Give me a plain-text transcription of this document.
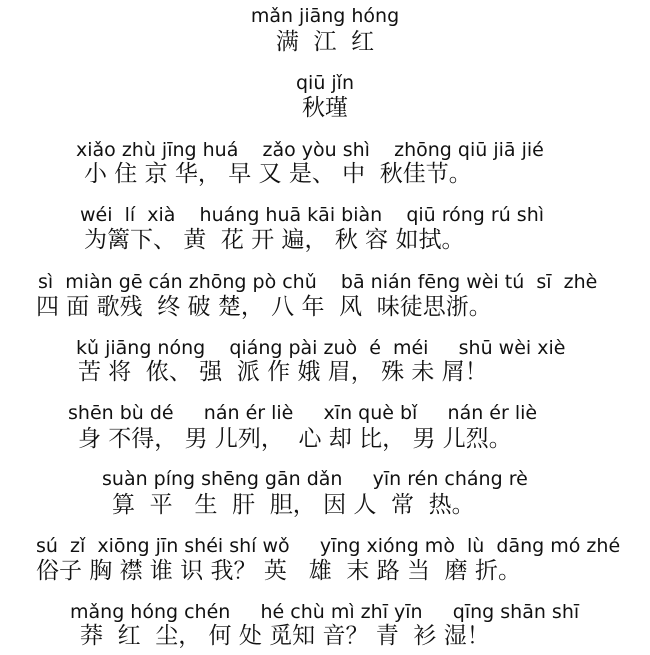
mǎn jiāng hóng
满  江  红
qiū jǐn
秋瑾
xiǎo zhù jīng huá    zǎo yòu shì    zhōng qiū jiā jié
小 住 京 华， 早 又 是、 中  秋佳节。
wéi  lí  xià    huáng huā kāi biàn    qiū róng rú shì
为篱下、 黄  花 开 遍， 秋 容 如拭。
sì  miàn gē cán zhōng pò chǔ    bā nián fēng wèi tú  sī  zhè
四 面 歌残  终 破 楚， 八 年  风  味徒思浙。
kǔ jiāng nóng    qiáng pài zuò  é  méi     shū wèi xiè
苦 将  侬、 强  派 作 娥 眉， 殊 未 屑！
shēn bù dé     nán ér liè     xīn què bǐ     nán ér liè
身 不得， 男 儿列，  心 却 比， 男 儿烈。
suàn píng shēng gān dǎn     yīn rén cháng rè
算  平   生  肝  胆， 因 人  常  热。
sú  zǐ  xiōng jīn shéi shí wǒ     yīng xióng mò  lù  dāng mó zhé
俗子 胸 襟 谁 识 我？ 英   雄  末 路 当  磨 折。
mǎng hóng chén     hé chù mì zhī yīn     qīng shān shī
莽  红  尘， 何 处 觅知 音？ 青  衫 湿！
